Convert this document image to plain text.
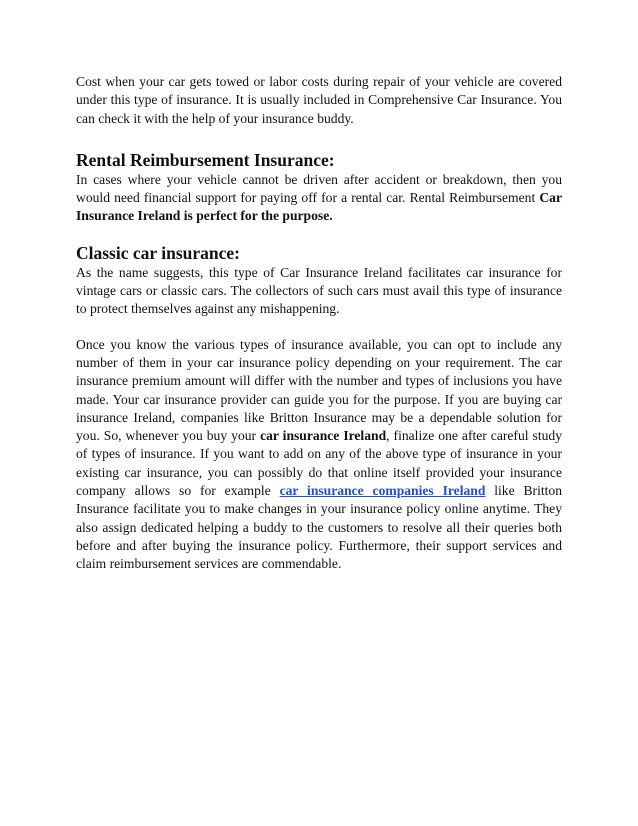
Cost when your car gets towed or labor costs during repair of your vehicle are covered under this type of insurance. It is usually included in Comprehensive Car Insurance. You can check it with the help of your insurance buddy.

Rental Reimbursement Insurance:

In cases where your vehicle cannot be driven after accident or breakdown, then you would need financial support for paying off for a rental car. Rental Reimbursement Car Insurance Ireland is perfect for the purpose.

Classic car insurance:

As the name suggests, this type of Car Insurance Ireland facilitates car insurance for vintage cars or classic cars. The collectors of such cars must avail this type of insurance to protect themselves against any mishappening.

Once you know the various types of insurance available, you can opt to include any number of them in your car insurance policy depending on your requirement. The car insurance premium amount will differ with the number and types of inclusions you have made. Your car insurance provider can guide you for the purpose. If you are buying car insurance Ireland, companies like Britton Insurance may be a dependable solution for you. So, whenever you buy your car insurance Ireland, finalize one after careful study of types of insurance. If you want to add on any of the above type of insurance in your existing car insurance, you can possibly do that online itself provided your insurance company allows so for example car insurance companies Ireland like Britton Insurance facilitate you to make changes in your insurance policy online anytime. They also assign dedicated helping a buddy to the customers to resolve all their queries both before and after buying the insurance policy. Furthermore, their support services and claim reimbursement services are commendable.
